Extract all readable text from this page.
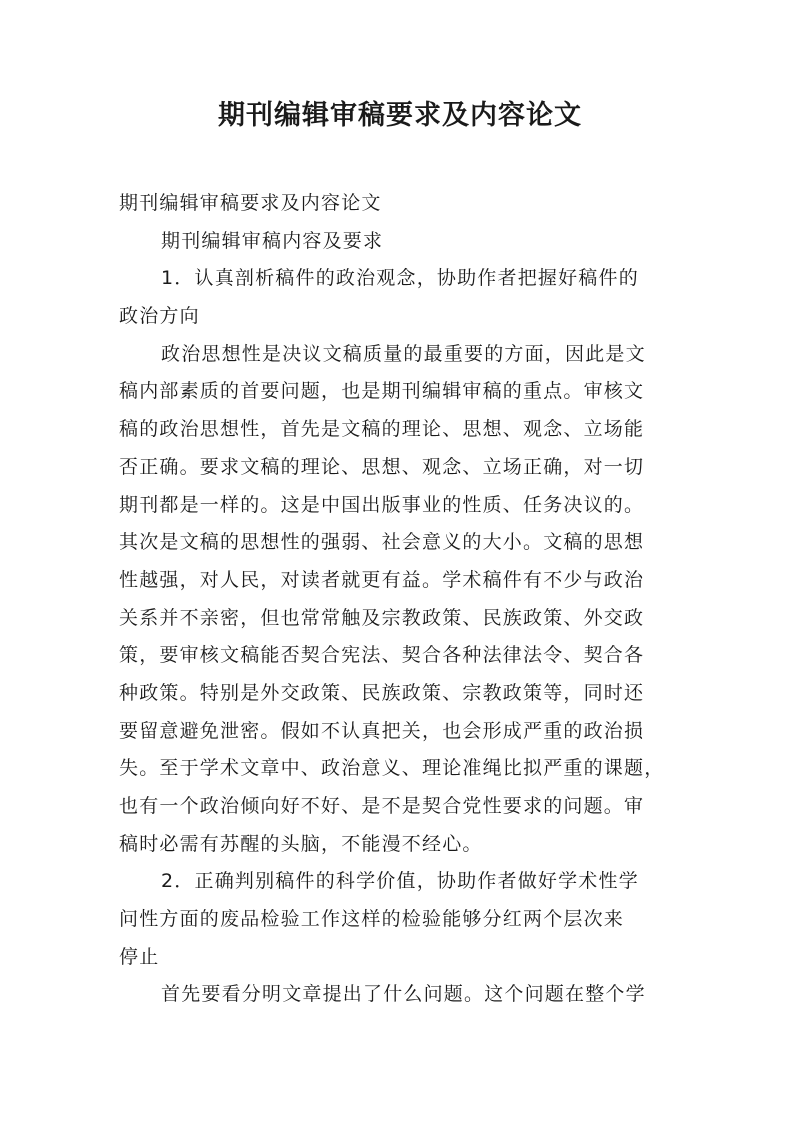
期刊编辑审稿要求及内容论文

期刊编辑审稿要求及内容论文

期刊编辑审稿内容及要求

1．认真剖析稿件的政治观念，协助作者把握好稿件的

政治方向

政治思想性是决议文稿质量的最重要的方面，因此是文

稿内部素质的首要问题，也是期刊编辑审稿的重点。审核文

稿的政治思想性，首先是文稿的理论、思想、观念、立场能

否正确。要求文稿的理论、思想、观念、立场正确，对一切

期刊都是一样的。这是中国出版事业的性质、任务决议的。

其次是文稿的思想性的强弱、社会意义的大小。文稿的思想

性越强，对人民，对读者就更有益。学术稿件有不少与政治

关系并不亲密，但也常常触及宗教政策、民族政策、外交政

策，要审核文稿能否契合宪法、契合各种法律法令、契合各

种政策。特别是外交政策、民族政策、宗教政策等，同时还

要留意避免泄密。假如不认真把关，也会形成严重的政治损

失。至于学术文章中、政治意义、理论准绳比拟严重的课题，

也有一个政治倾向好不好、是不是契合党性要求的问题。审

稿时必需有苏醒的头脑，不能漫不经心。

2．正确判别稿件的科学价值，协助作者做好学术性学

问性方面的废品检验工作这样的检验能够分红两个层次来

停止

首先要看分明文章提出了什么问题。这个问题在整个学
